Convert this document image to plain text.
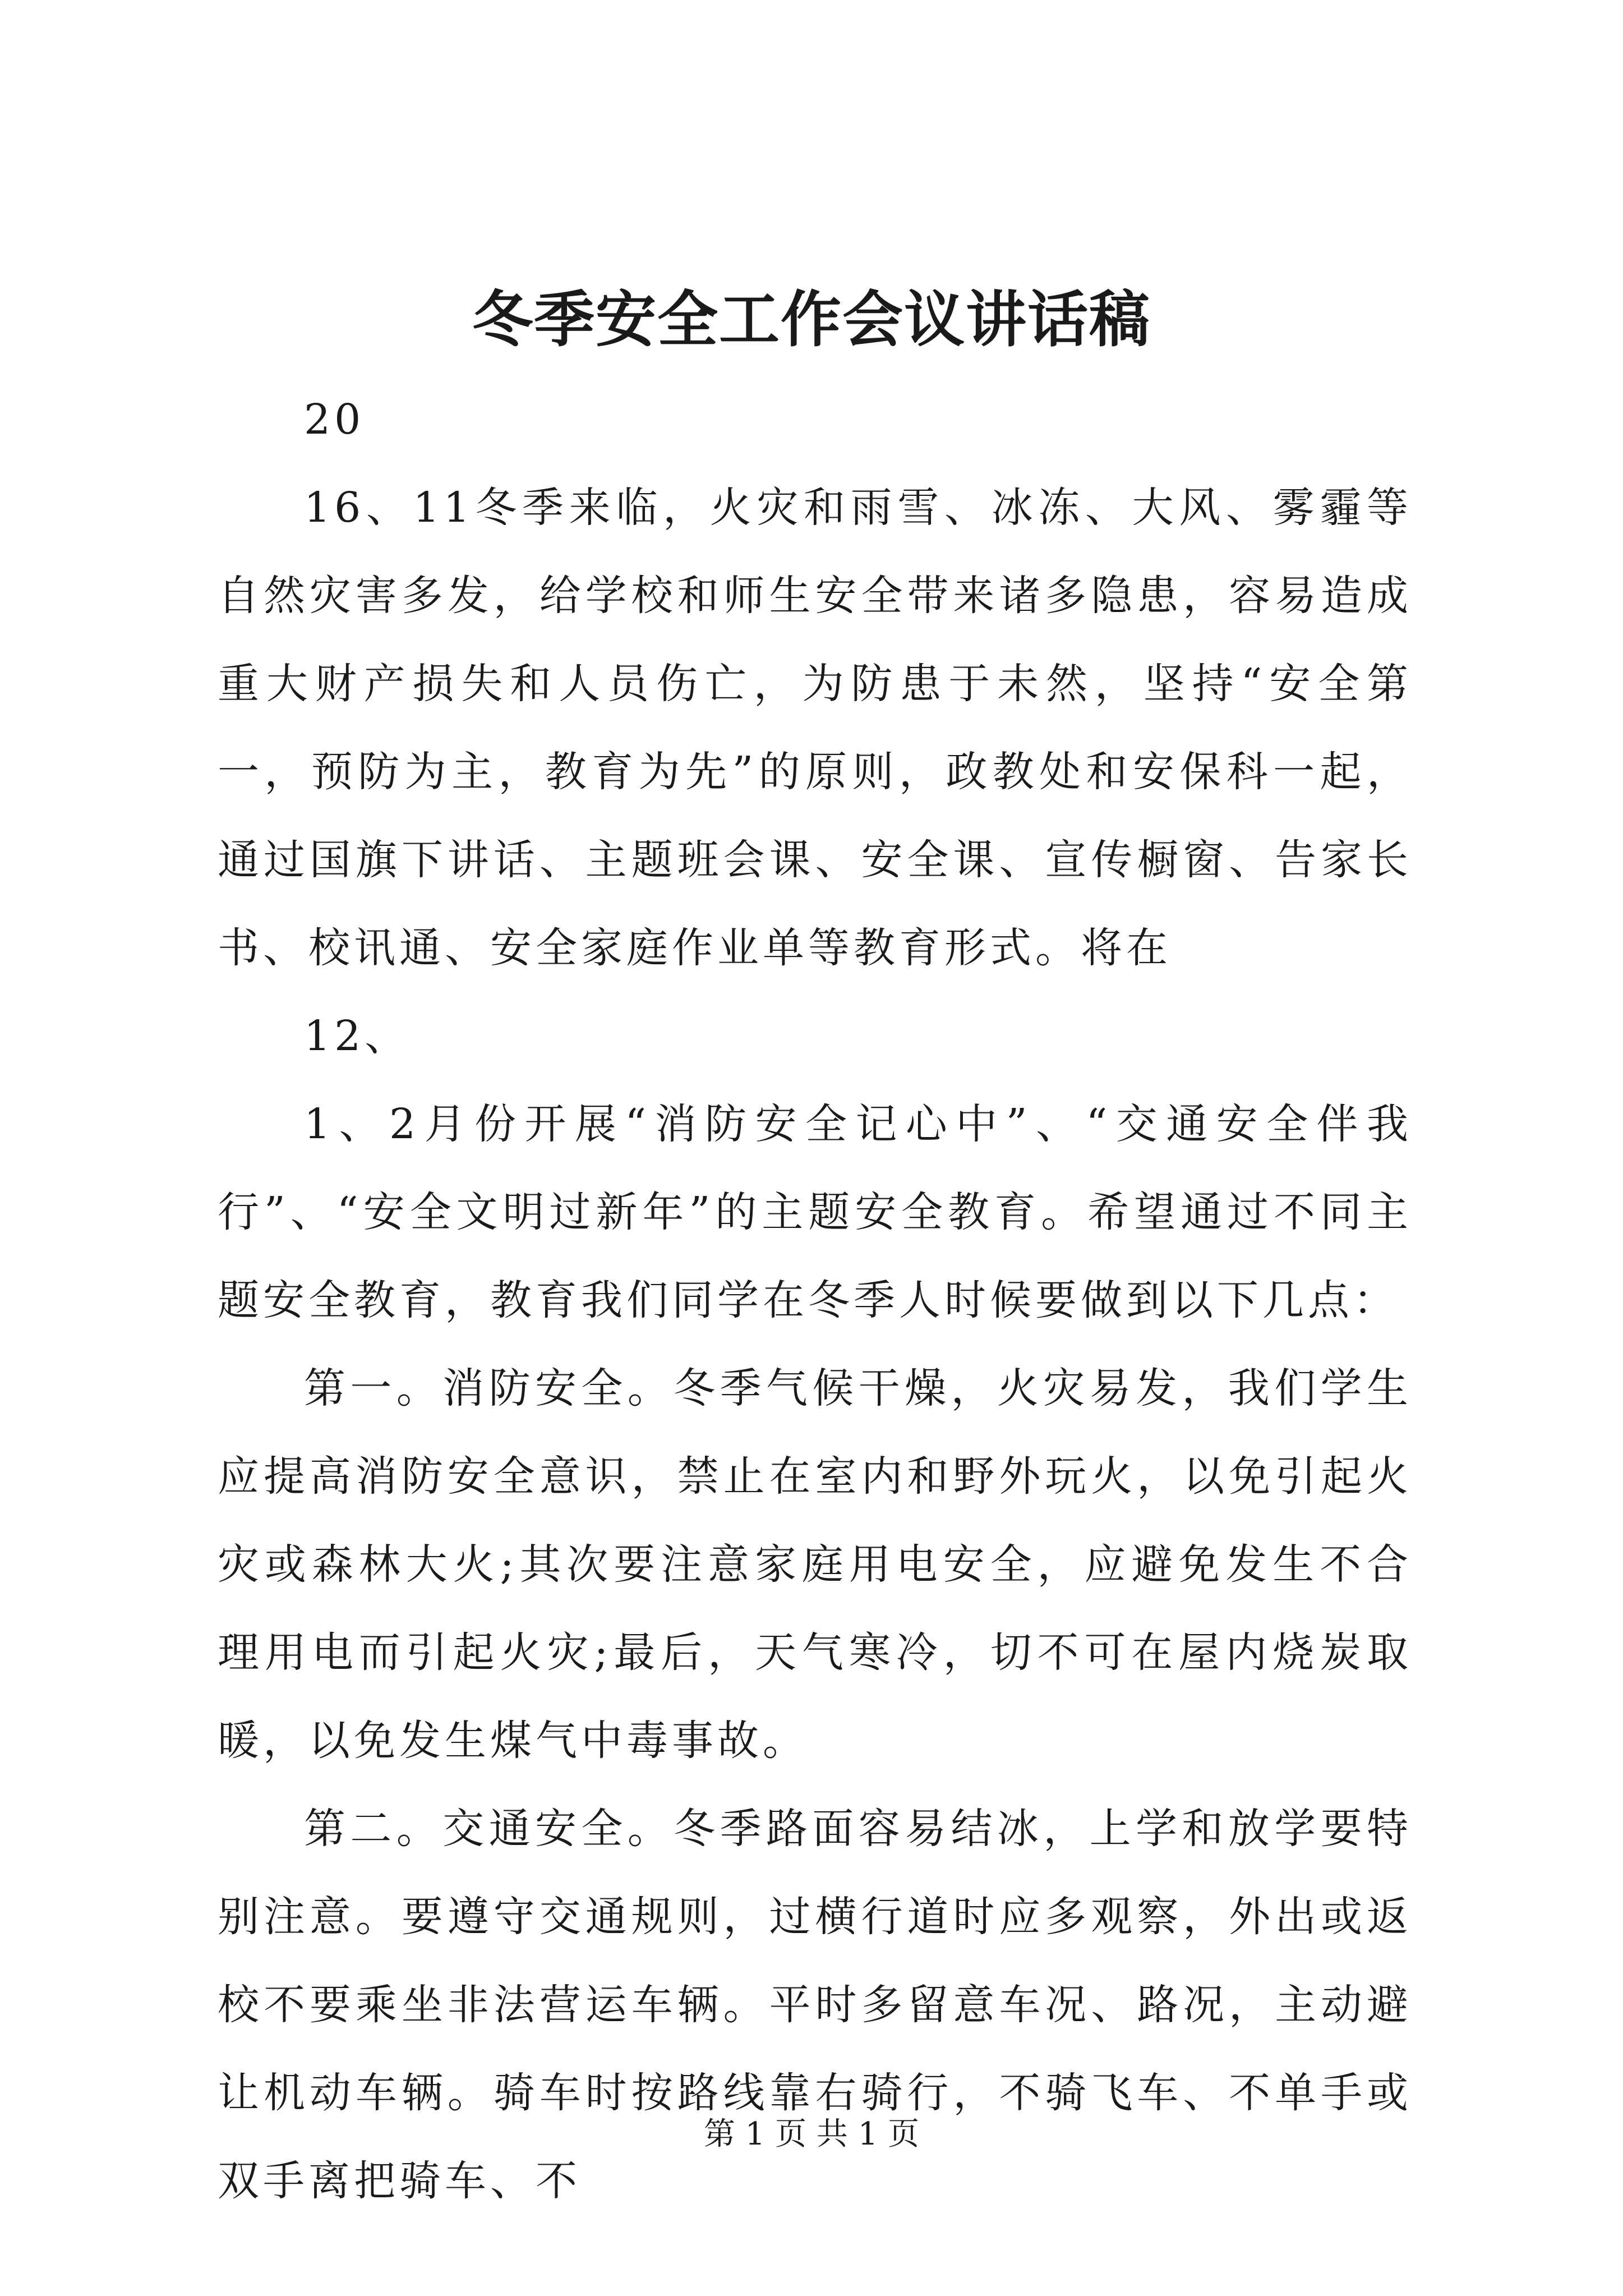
冬季安全工作会议讲话稿

20

16、11冬季来临，火灾和雨雪、冰冻、大风、雾霾等自然灾害多发，给学校和师生安全带来诸多隐患，容易造成重大财产损失和人员伤亡，为防患于未然，坚持“安全第一，预防为主，教育为先”的原则，政教处和安保科一起，通过国旗下讲话、主题班会课、安全课、宣传橱窗、告家长书、校讯通、安全家庭作业单等教育形式。将在

12、

1、2月份开展“消防安全记心中”、“交通安全伴我行”、“安全文明过新年”的主题安全教育。希望通过不同主题安全教育，教育我们同学在冬季人时候要做到以下几点：

第一。消防安全。冬季气候干燥，火灾易发，我们学生应提高消防安全意识，禁止在室内和野外玩火，以免引起火灾或森林大火;其次要注意家庭用电安全，应避免发生不合理用电而引起火灾;最后，天气寒冷，切不可在屋内烧炭取暖，以免发生煤气中毒事故。

第二。交通安全。冬季路面容易结冰，上学和放学要特别注意。要遵守交通规则，过横行道时应多观察，外出或返校不要乘坐非法营运车辆。平时多留意车况、路况，主动避让机动车辆。骑车时按路线靠右骑行，不骑飞车、不单手或双手离把骑车、不

第 1 页 共 1 页
